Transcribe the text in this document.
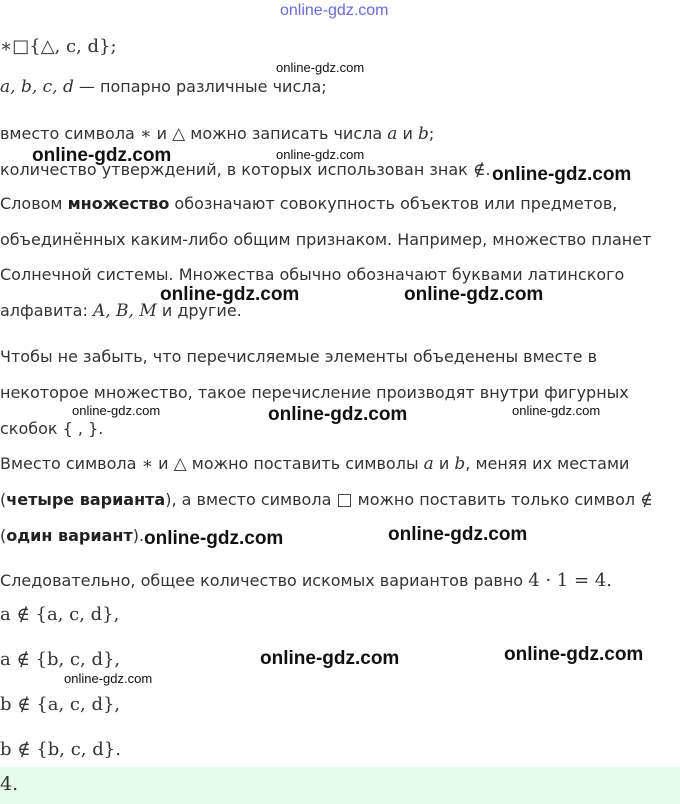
online-gdz.com
∗□{△, c, d};
a, b, c, d — попарно различные числа;
вместо символа ∗ и △ можно записать числа a и b;
количество утверждений, в которых использован знак ∉.
Словом множество обозначают совокупность объектов или предметов,
объединённых каким-либо общим признаком. Например, множество планет
Солнечной системы. Множества обычно обозначают буквами латинского
алфавита: A, B, M и другие.
Чтобы не забыть, что перечисляемые элементы объеденены вместе в
некоторое множество, такое перечисление производят внутри фигурных
скобок { , }.
Вместо символа ∗ и △ можно поставить символы a и b, меняя их местами
(четыре варианта), а вместо символа □ можно поставить только символ ∉
(один вариант).
Следовательно, общее количество искомых вариантов равно 4 · 1 = 4.
a ∉ {a, c, d},
a ∉ {b, c, d},
b ∉ {a, c, d},
b ∉ {b, c, d}.
4.
online-gdz.com
online-gdz.com	online-gdz.com
online-gdz.com
online-gdz.com	online-gdz.com
online-gdz.com	online-gdz.com	online-gdz.com
online-gdz.com	online-gdz.com
online-gdz.com	online-gdz.com
online-gdz.com
